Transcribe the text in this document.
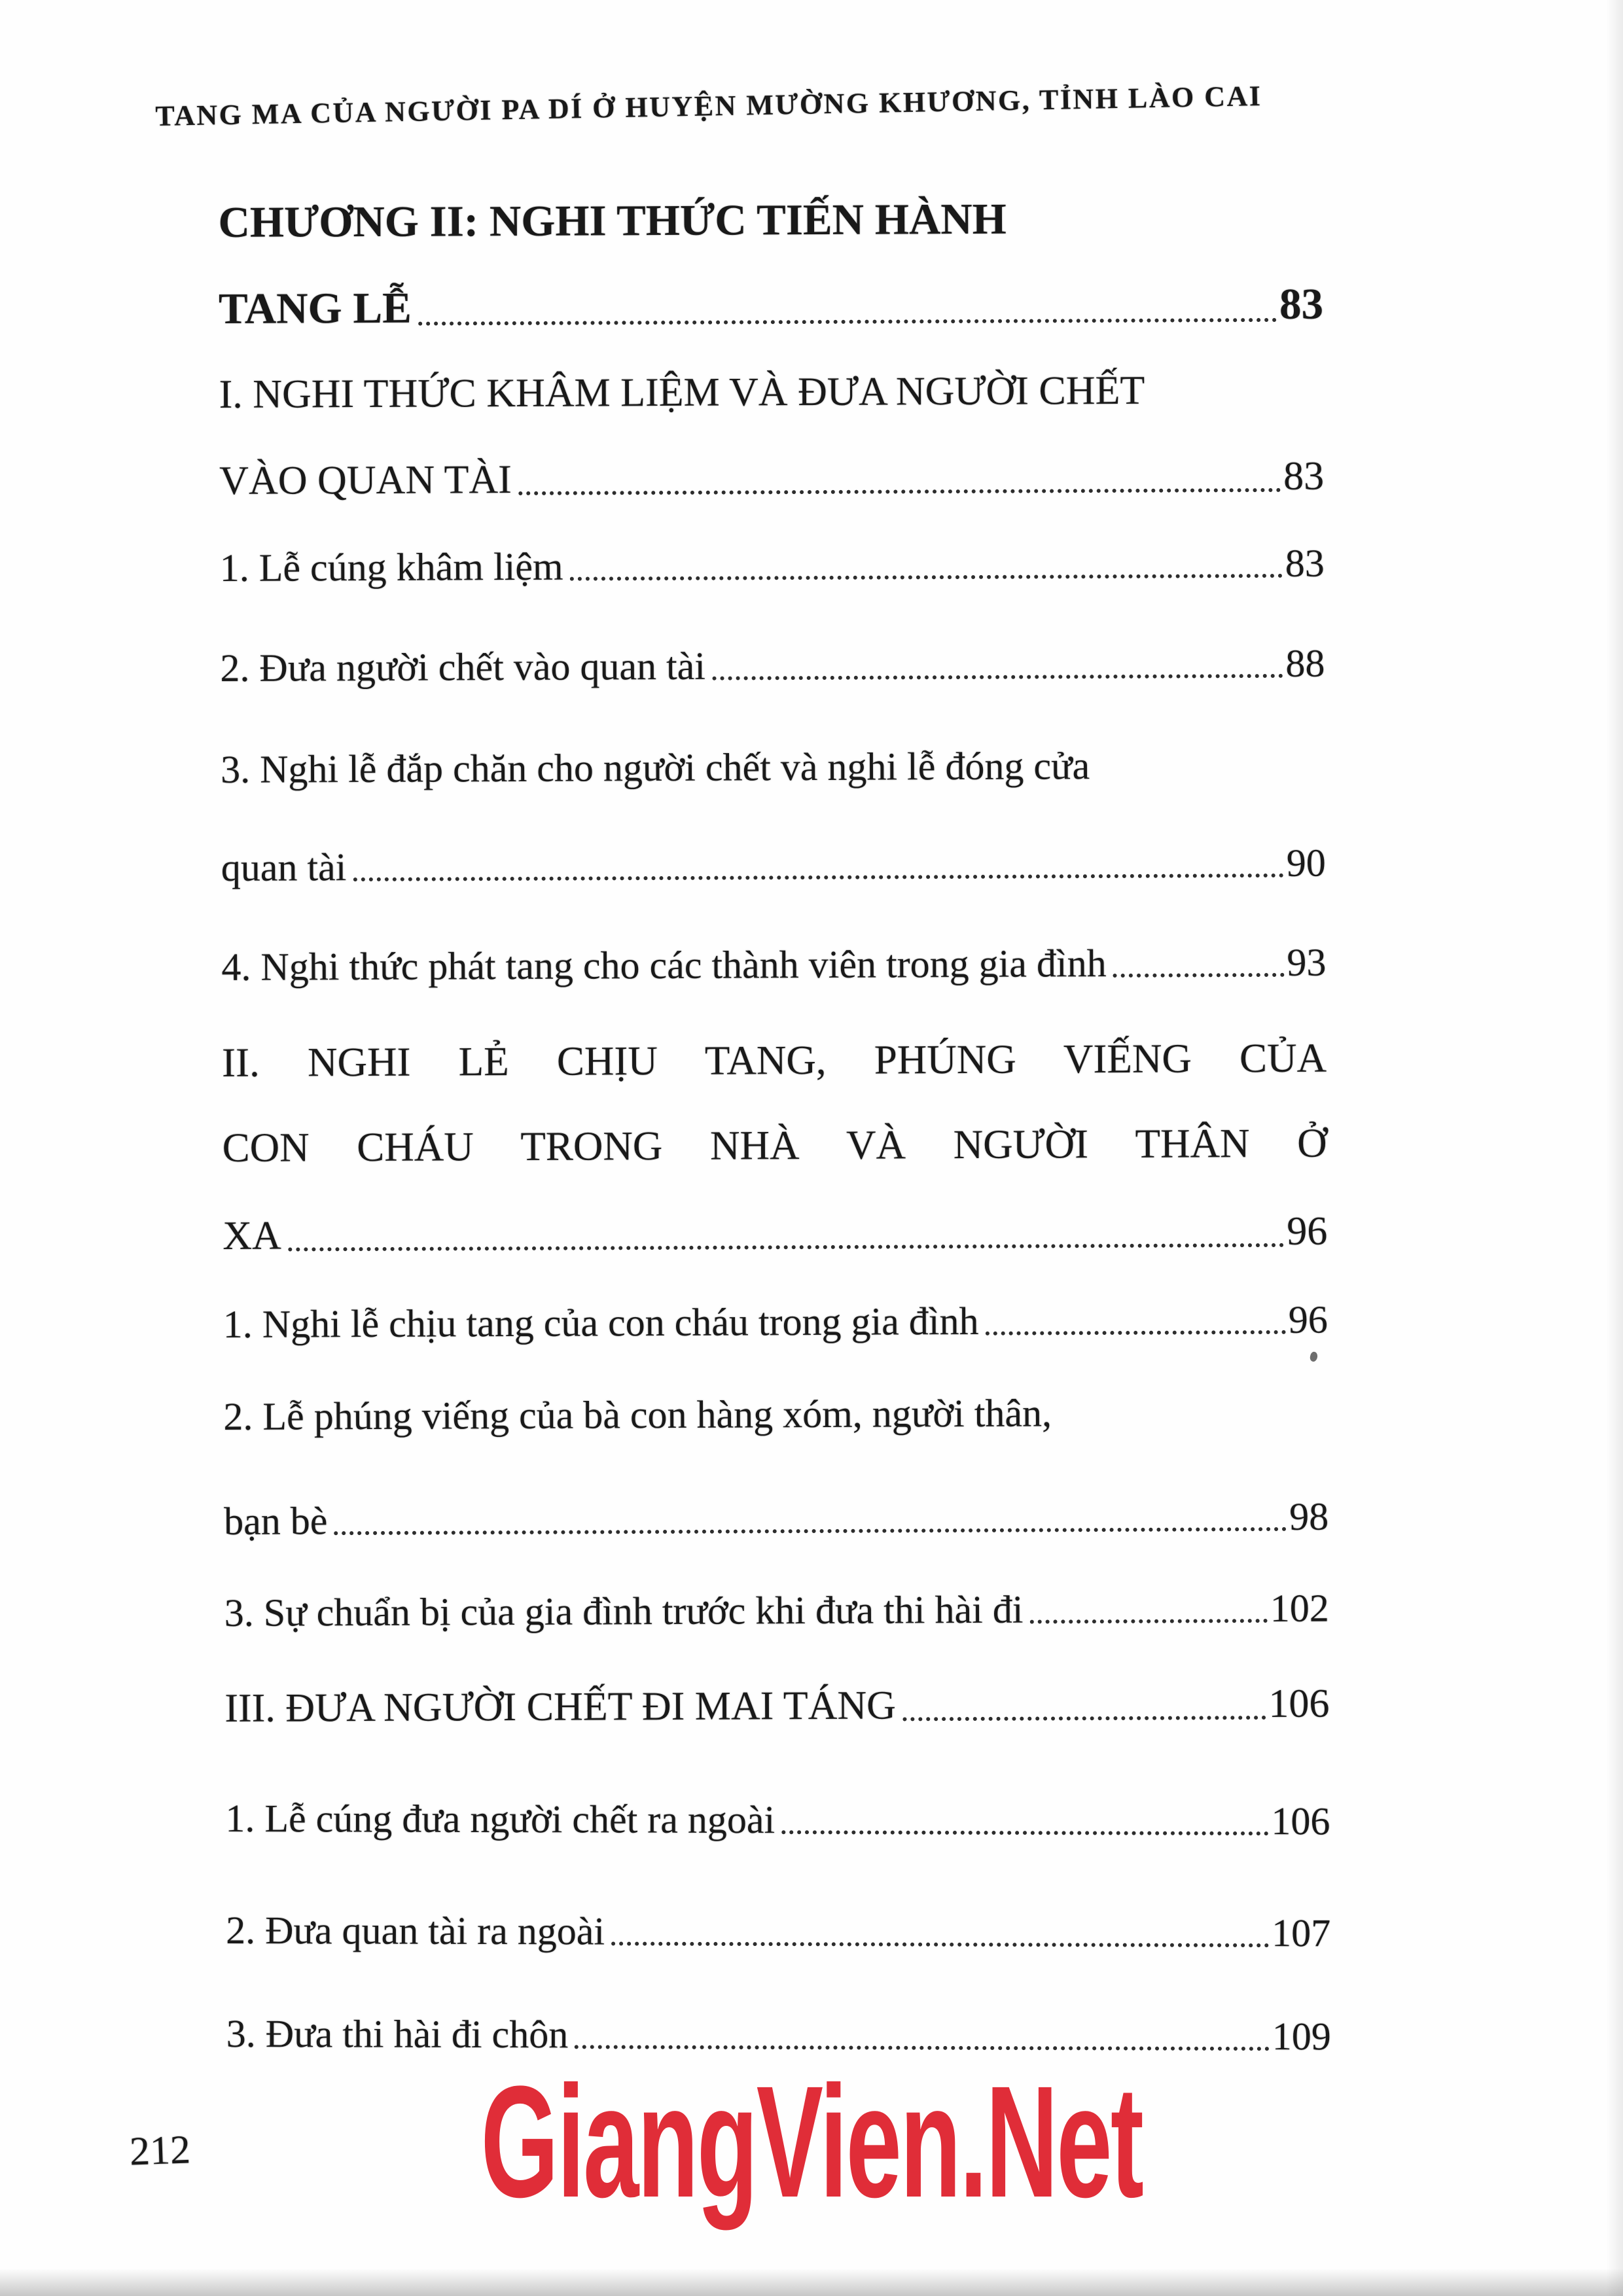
TANG MA CỦA NGƯỜI PA DÍ Ở HUYỆN MƯỜNG KHƯƠNG, TỈNH LÀO CAI
CHƯƠNG II: NGHI THỨC TIẾN HÀNH
TANG LỄ	83
I. NGHI THỨC KHÂM LIỆM VÀ ĐƯA NGƯỜI CHẾT
VÀO QUAN TÀI	83
1. Lễ cúng khâm liệm	83
2. Đưa người chết vào quan tài	88
3. Nghi lễ đắp chăn cho người chết và nghi lễ đóng cửa
quan tài	90
4. Nghi thức phát tang cho các thành viên trong gia đình	93
II. NGHI LẺ CHỊU TANG, PHÚNG VIẾNG CỦA
CON CHÁU TRONG NHÀ VÀ NGƯỜI THÂN Ở
XA	96
1. Nghi lễ chịu tang của con cháu trong gia đình	96
2. Lễ phúng viếng của bà con hàng xóm, người thân,
bạn bè	98
3. Sự chuẩn bị của gia đình trước khi đưa thi hài đi	102
III. ĐƯA NGƯỜI CHẾT ĐI MAI TÁNG	106
1. Lễ cúng đưa người chết ra ngoài	106
2. Đưa quan tài ra ngoài	107
3. Đưa thi hài đi chôn	109
212 GiangVien.Net
